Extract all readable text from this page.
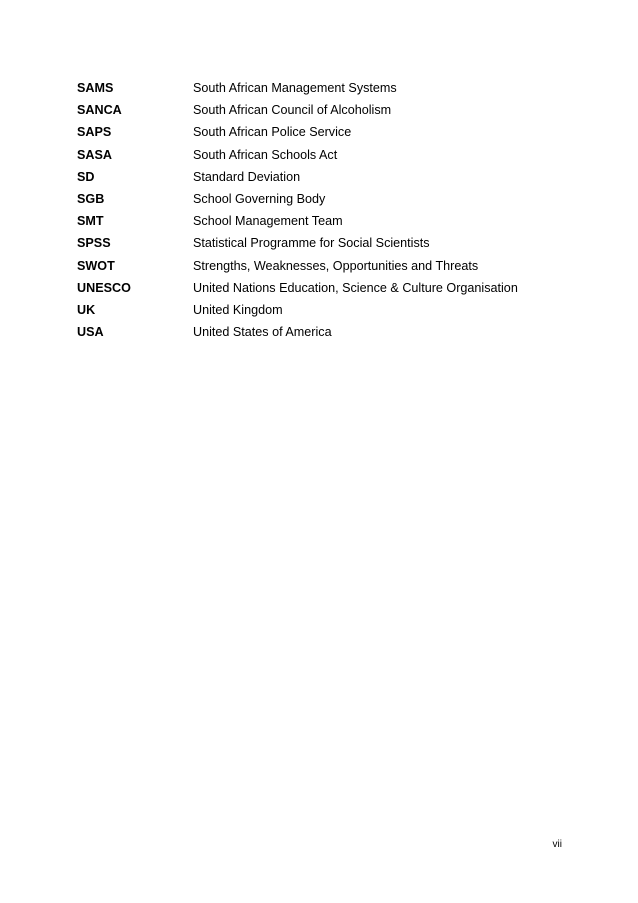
SAMS	South African Management Systems
SANCA	South African Council of Alcoholism
SAPS	South African Police Service
SASA	South African Schools Act
SD	Standard Deviation
SGB	School Governing Body
SMT	School Management Team
SPSS	Statistical Programme for Social Scientists
SWOT	Strengths, Weaknesses, Opportunities and Threats
UNESCO	United Nations Education, Science & Culture Organisation
UK	United Kingdom
USA	United States of America
vii
